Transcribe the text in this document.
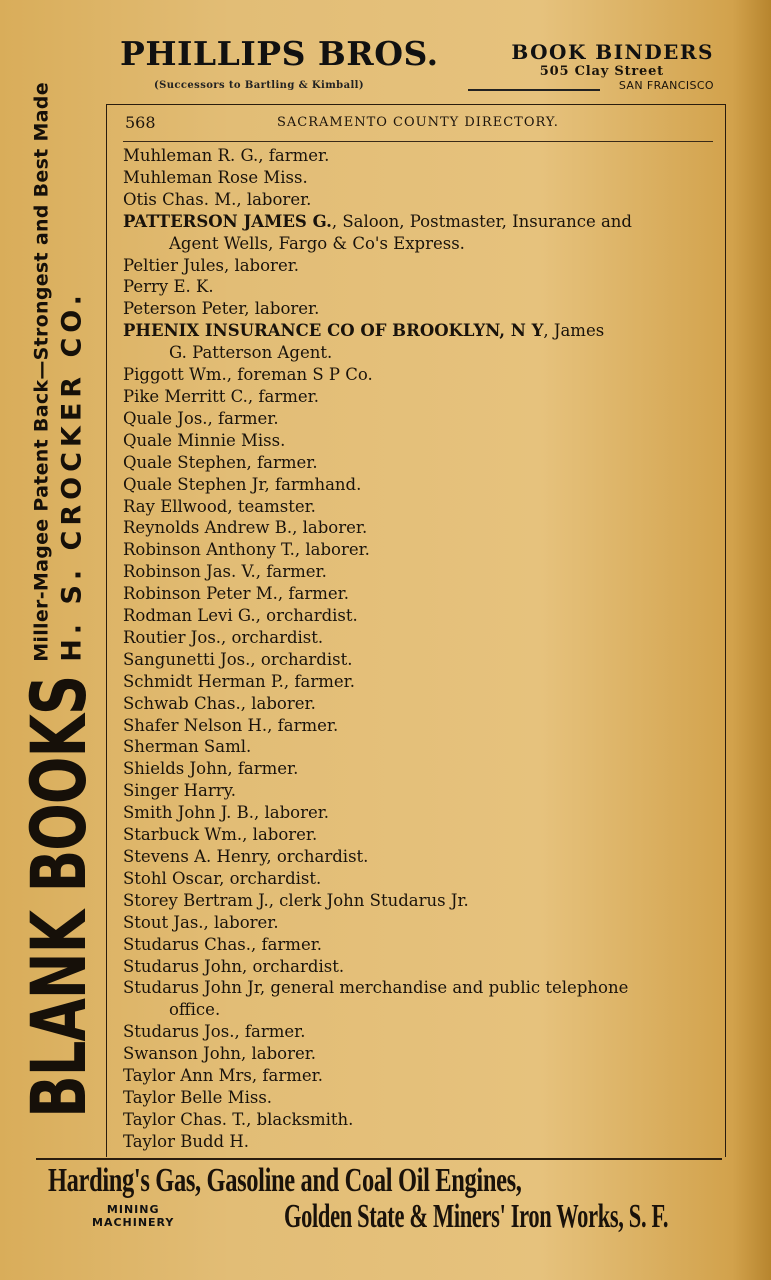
PHILLIPS BROS.
(Successors to Bartling & Kimball)
BOOK BINDERS
505 Clay Street
SAN FRANCISCO
BLANK BOOKS
Miller-Magee Patent Back—Strongest and Best Made H. S. CROCKER CO.
568	SACRAMENTO COUNTY DIRECTORY.
Muhleman R. G., farmer.
Muhleman Rose Miss.
Otis Chas. M., laborer.
PATTERSON JAMES G., Saloon, Postmaster, Insurance and
Agent Wells, Fargo & Co's Express.
Peltier Jules, laborer.
Perry E. K.
Peterson Peter, laborer.
PHENIX INSURANCE CO OF BROOKLYN, N Y, James
G. Patterson Agent.
Piggott Wm., foreman S P Co.
Pike Merritt C., farmer.
Quale Jos., farmer.
Quale Minnie Miss.
Quale Stephen, farmer.
Quale Stephen Jr, farmhand.
Ray Ellwood, teamster.
Reynolds Andrew B., laborer.
Robinson Anthony T., laborer.
Robinson Jas. V., farmer.
Robinson Peter M., farmer.
Rodman Levi G., orchardist.
Routier Jos., orchardist.
Sangunetti Jos., orchardist.
Schmidt Herman P., farmer.
Schwab Chas., laborer.
Shafer Nelson H., farmer.
Sherman Saml.
Shields John, farmer.
Singer Harry.
Smith John J. B., laborer.
Starbuck Wm., laborer.
Stevens A. Henry, orchardist.
Stohl Oscar, orchardist.
Storey Bertram J., clerk John Studarus Jr.
Stout Jas., laborer.
Studarus Chas., farmer.
Studarus John, orchardist.
Studarus John Jr, general merchandise and public telephone
office.
Studarus Jos., farmer.
Swanson John, laborer.
Taylor Ann Mrs, farmer.
Taylor Belle Miss.
Taylor Chas. T., blacksmith.
Taylor Budd H.
Harding's Gas, Gasoline and Coal Oil Engines,
MINING
MACHINERY	Golden State & Miners' Iron Works, S. F.
